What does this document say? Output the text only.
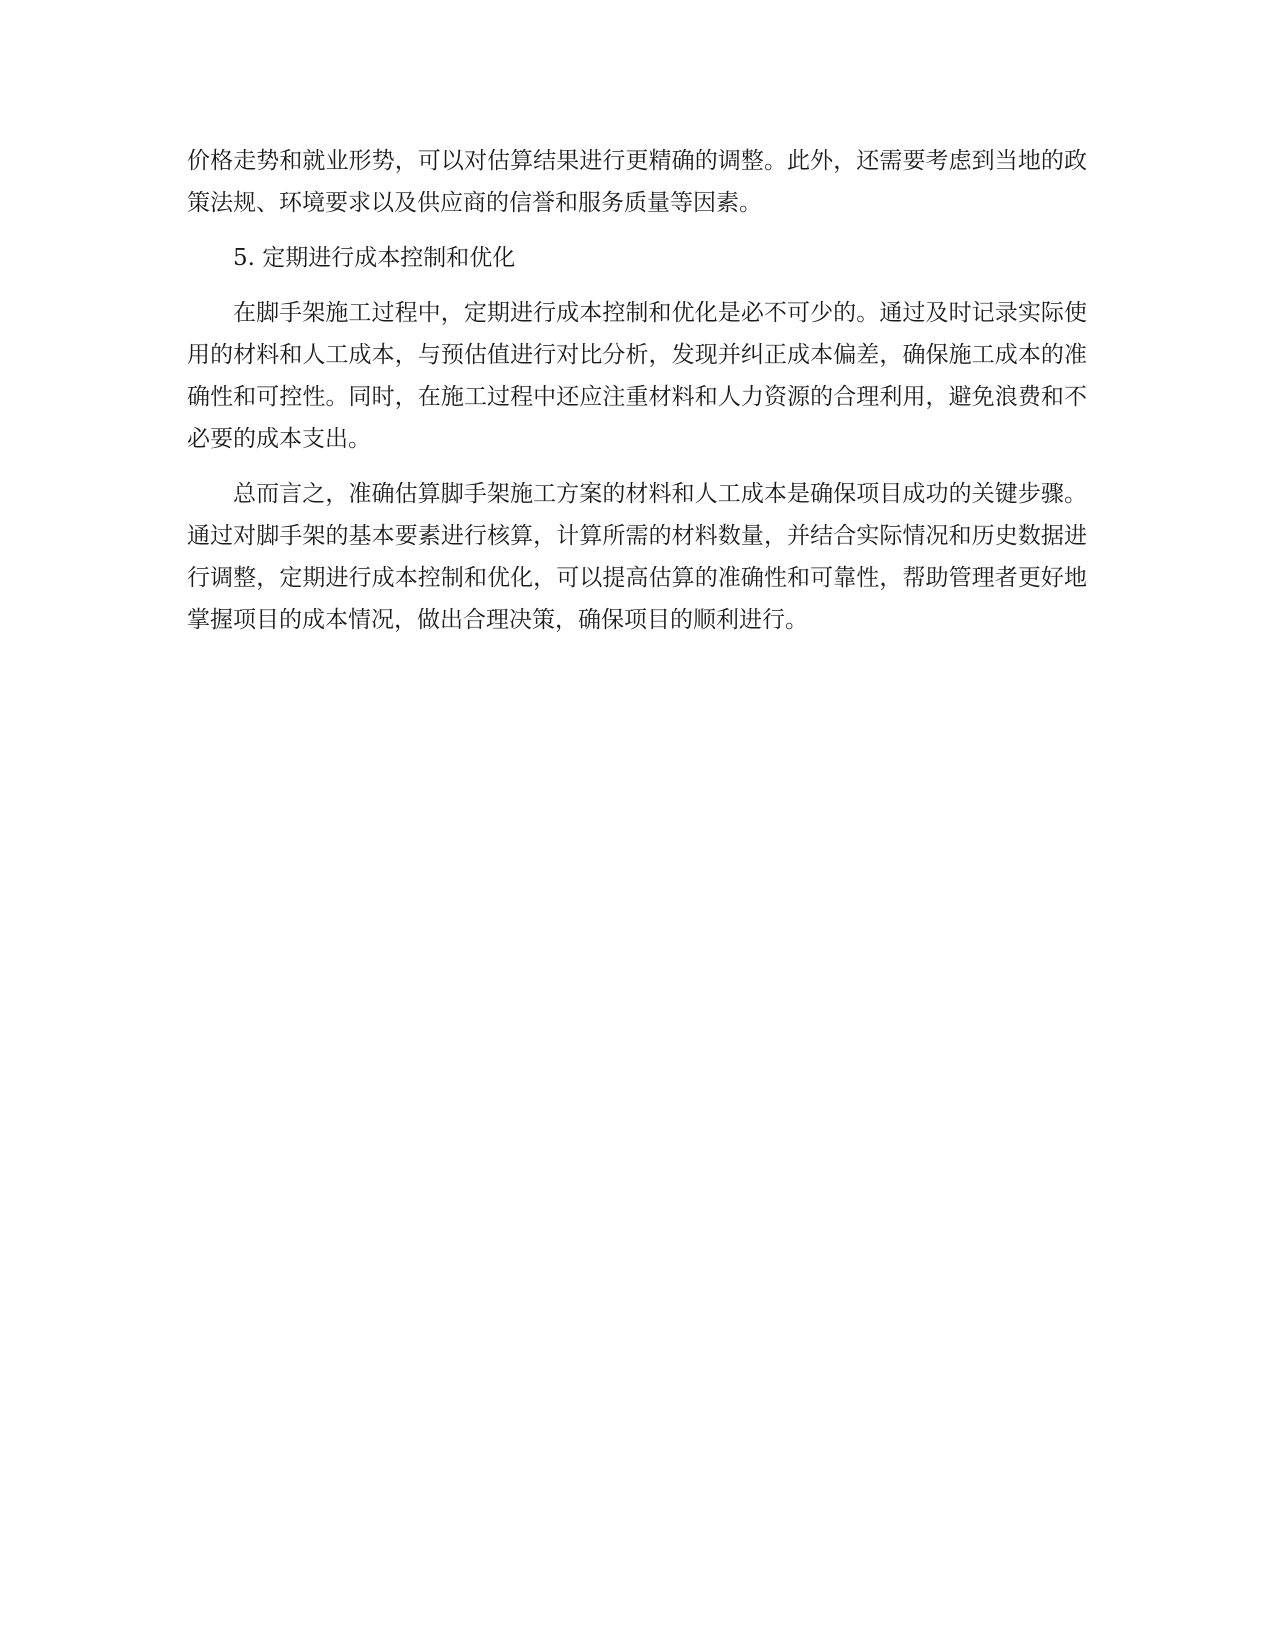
价格走势和就业形势，可以对估算结果进行更精确的调整。此外，还需要考虑到当地的政策法规、环境要求以及供应商的信誉和服务质量等因素。

5. 定期进行成本控制和优化

在脚手架施工过程中，定期进行成本控制和优化是必不可少的。通过及时记录实际使用的材料和人工成本，与预估值进行对比分析，发现并纠正成本偏差，确保施工成本的准确性和可控性。同时，在施工过程中还应注重材料和人力资源的合理利用，避免浪费和不必要的成本支出。

总而言之，准确估算脚手架施工方案的材料和人工成本是确保项目成功的关键步骤。通过对脚手架的基本要素进行核算，计算所需的材料数量，并结合实际情况和历史数据进行调整，定期进行成本控制和优化，可以提高估算的准确性和可靠性，帮助管理者更好地掌握项目的成本情况，做出合理决策，确保项目的顺利进行。
